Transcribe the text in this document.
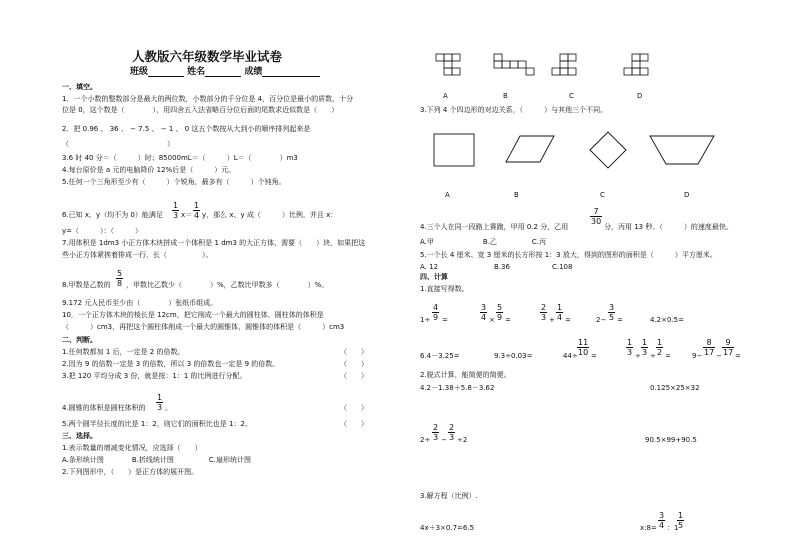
人教版六年级数学毕业试卷
班级	姓名	成绩
一、填空。
1．一个小数的整数部分是最大的两位数，小数部分的千分位是 4，百分位是最小的质数，十分
位是 0，这个数是（　　　　），用四舍五入法省略百分位后面的尾数求近似数是（　　）
2．把 0.96 、 36 、 − 7.5 、 − 1 、 0 这五个数按从大到小的顺序排列起来是
（　　　　　　　　　　　　　　）
3.6 时 40 分＝（　　　）时；85000mL＝（　　　）L＝（　　　　）m3
4.每台原价是 a 元的电脑降价 12%后是（　　　）元。
5.任何一个三角形至少有（　　　）个锐角，最多有（　　　）个钝角。
6.已知 x、y（均不为 0）能满足 $\frac{1}{3} x= \frac{1}{4}$ y，那么 x、y 成（　　　）比例，并且 x：
y=（　　　）：（　　　）
7.用体积是 1dm3 小正方体木块拼成一个体积是 1 dm3 的大正方体，需要（　　）块，如果把这
些小正方体紧挨着排成一行，长（　　　　　）。
8.甲数是乙数的 $\frac{5}{8}$ ，甲数比乙数少（　　　　）%，乙数比甲数多（　　　　）%。
9.172 元人民币至少由（　　　　）张纸币组成。
10．一个正方体木块的棱长是 12cm，把它削成一个最大的圆柱体，圆柱体的体积是
（　　　）cm3，再把这个圆柱体削成一个最大的圆锥体，圆锥体的体积是（　　　）cm3
二、判断。
1.任何数都加 1 后，一定是 2 的倍数。	（　　）
2.因为 9 的倍数一定是 3 的倍数，所以 3 的倍数也一定是 9 的倍数。	（　　）
3.把 120 平均分成 3 份，就是按：1：1 的比例进行分配。	（　　）
4.圆锥的体积是圆柱体积的 $\frac{1}{3}$ 。	（　　）
5.两个圆半径长度的比是 1：2，则它们的面积比也是 1：2。	（　　）
三、选择。
1.表示数量的增减变化情况，应选择（　　）
A.条形统计图　　　　B.折线统计图　　　　　C.扇形统计图
2.下列图形中，（　　）是正方体的展开图。
A	B	C	D
3.下列 4 个四边形的对边关系，（　　　）与其他三个不同。
A	B	C	D
4.三个人在同一段路上赛跑，甲用 0.2 分，乙用
$\frac{7}{30}$
分，丙用 13 秒。（　　　）的速度最快。
A.甲　　　　　　　B.乙　　　　　C.丙
5.一个长 4 厘米、宽 3 厘米的长方形按 1：3 放大，得到的图形的面积是（　　　）平方厘米。
A. 12　　　　　　　　B.36　　　　　　C.108
四、计算
1.直接写得数。
$1\div \frac{4}{9}$ =	$\frac{3}{4} \times \frac{5}{9}$ =	$\frac{2}{3} + \frac{1}{4}$ =	$2- \frac{3}{5}$ =	4.2×0.5=
6.4－3.25=	9.3÷0.03=	$44\div \frac{11}{10}$ =	$\frac{1}{3} \div \frac{1}{3} \div \frac{1}{2}$ =	$9- \frac{8}{17} - \frac{9}{17}$ =
2.脱式计算，能简便的简便。
4.2－1.38＋5.8－3.62	0.125×25×32
$2\div \frac{2}{3} - \frac{2}{3} \div 2$	90.5×99+90.5
3.解方程（比例）.
4x＋3×0.7=6.5	x:8= $\frac{3}{4}$ ：1
$\frac{1}{5}$
